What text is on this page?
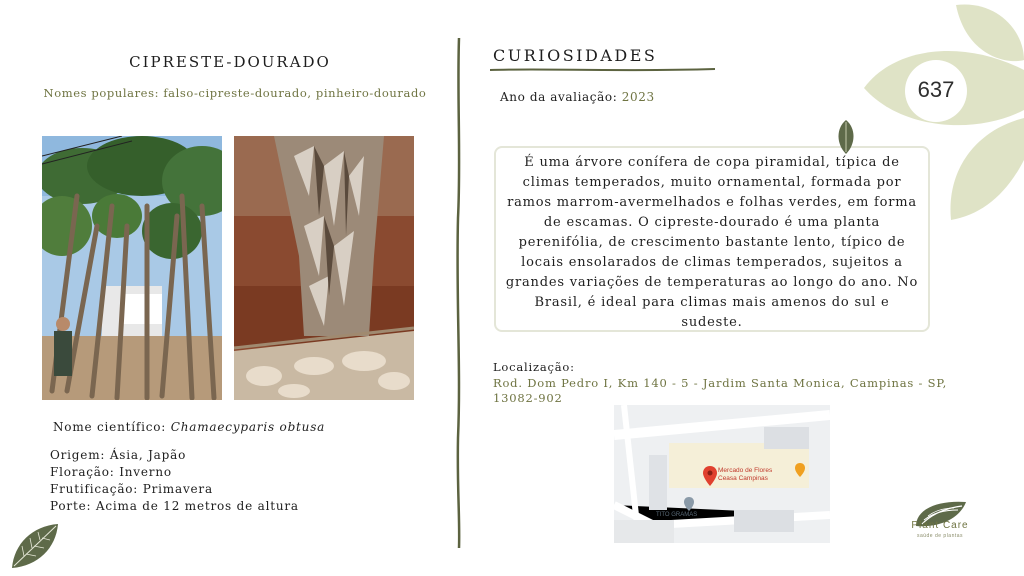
CIPRESTE-DOURADO
Nomes populares: falso-cipreste-dourado, pinheiro-dourado
Nome científico: Chamaecyparis obtusa
Origem: Ásia, Japão
Floração: Inverno
Frutificação: Primavera
Porte: Acima de 12 metros de altura
CURIOSIDADES
Ano da avaliação: 2023
É uma árvore conífera de copa piramidal, típica de climas temperados, muito ornamental, formada por ramos marrom-avermelhados e folhas verdes, em forma de escamas. O cipreste-dourado é uma planta perenifólia, de crescimento bastante lento, típico de locais ensolarados de climas temperados, sujeitos a grandes variações de temperaturas ao longo do ano. No Brasil, é ideal para climas mais amenos do sul e sudeste.
Localização:
Rod. Dom Pedro I, Km 140 - 5 - Jardim Santa Monica, Campinas - SP, 13082-902
Mercado de Flores
Ceasa Campinas
TITO GRAMAS
637
Plant Care
saúde de plantas
